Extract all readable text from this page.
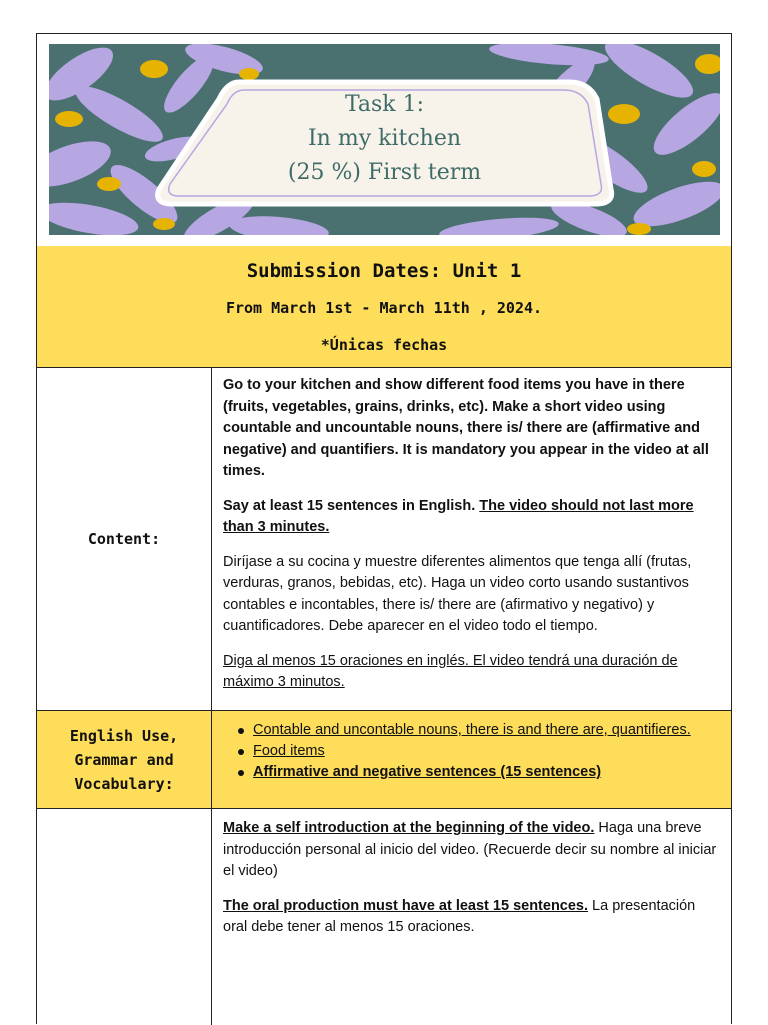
Task 1:
In my kitchen
(25 %) First term
Submission Dates: Unit 1
From March 1st - March 11th , 2024.
*Únicas fechas
Content:

Go to your kitchen and show different food items you have in there (fruits, vegetables, grains, drinks, etc). Make a short video using countable and uncountable nouns, there is/ there are (affirmative and negative) and quantifiers. It is mandatory you appear in the video at all times.

Say at least 15 sentences in English. The video should not last more than 3 minutes.

Diríjase a su cocina y muestre diferentes alimentos que tenga allí (frutas, verduras, granos, bebidas, etc). Haga un video corto usando sustantivos contables e incontables, there is/ there are (afirmativo y negativo) y cuantificadores. Debe aparecer en el video todo el tiempo.

Diga al menos 15 oraciones en inglés. El video tendrá una duración de máximo 3 minutos.

English Use,
Grammar and
Vocabulary:
Contable and uncontable nouns, there is and there are, quantifieres.
Food items
Affirmative and negative sentences (15 sentences)

Make a self introduction at the beginning of the video. Haga una breve introducción personal al inicio del video. (Recuerde decir su nombre al iniciar el video)

The oral production must have at least 15 sentences. La presentación oral debe tener al menos 15 oraciones.
